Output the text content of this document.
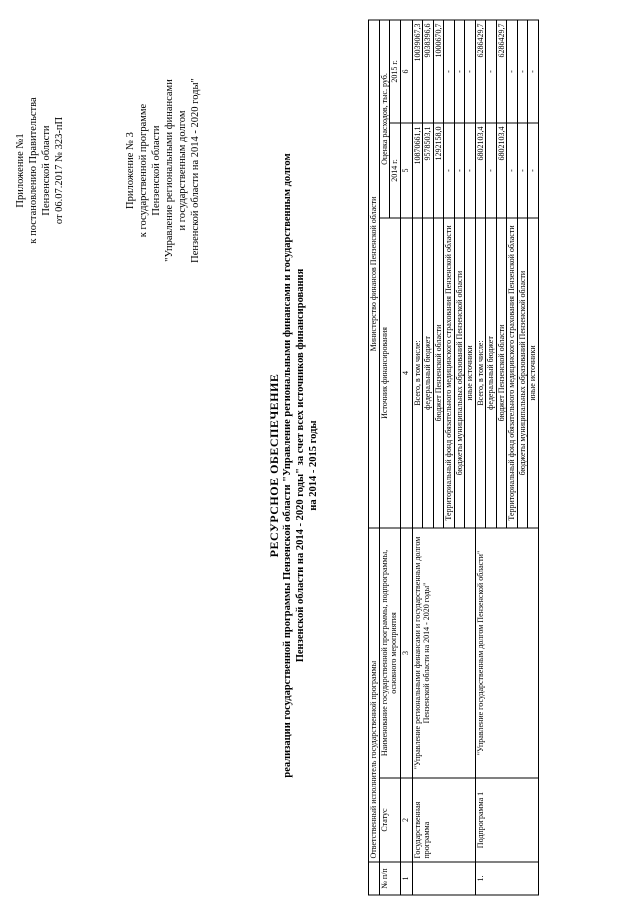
Приложение №1 к постановлению Правительства Пензенской области от 06.07.2017 № 323-пП	Приложение № 3 к государственной программе Пензенской области "Управление региональными финансами и государственным долгом Пензенской области на 2014 - 2020 годы"
РЕСУРСНОЕ ОБЕСПЕЧЕНИЕ реализации государственной программы Пензенской области "Управление региональными финансами и государственным долгом Пензенской области на 2014 - 2020 годы" за счет всех источников финансирования на 2014 - 2015 годы
	Ответственный исполнитель государственной программы		Министерство финансов Пензенской области		
№ п/п	Статус	Наименование государственной программы, подпрограммы, основного мероприятия	Источник финансирования	Оценка расходов, тыс. руб.	
				2014 г.	2015 г.
1	2	3	4	5	6
	Государственная программа	"Управление региональными финансами и государственным долгом Пензенской области на 2014 - 2020 годы"	Всего, в том числе:	10870661,1	10039067,3
			федеральный бюджет	9578503,1	9038396,6
			бюджет Пензенской области	1292158,0	1000670,7
			Территориальный фонд обязательного медицинского страхования Пензенской области	-	-
			бюджеты муниципальных образований Пензенской области	-	-
			иные источники	-	-
1.	Подпрограмма 1	"Управление государственным долгом Пензенской области"	Всего, в том числе:	6802103,4	6286429,7
			федеральный бюджет	-	-
			бюджет Пензенской области	6802103,4	6286429,7
			Территориальный фонд обязательного медицинского страхования Пензенской области	-	-
			бюджеты муниципальных образований Пензенской области	-	-
			иные источники	-	-
